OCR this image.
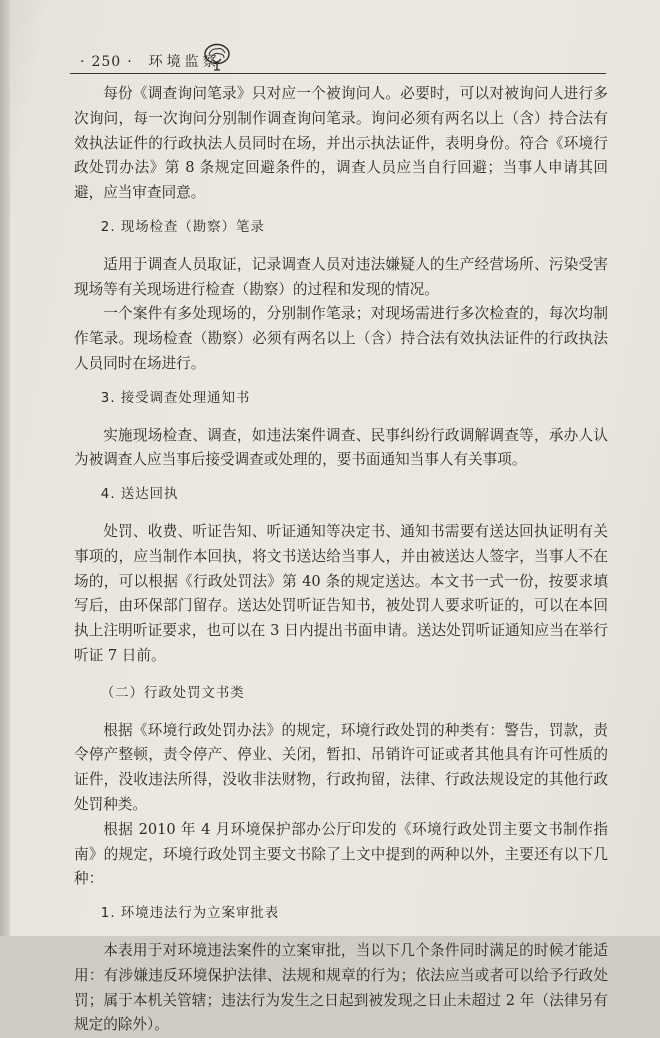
· 250 · 环境监察

每份《调查询问笔录》只对应一个被询问人。必要时，可以对被询问人进行多次询问，每一次询问分别制作调查询问笔录。询问必须有两名以上（含）持合法有效执法证件的行政执法人员同时在场，并出示执法证件，表明身份。符合《环境行政处罚办法》第 8 条规定回避条件的，调查人员应当自行回避；当事人申请其回避，应当审查同意。

2. 现场检查（勘察）笔录

适用于调查人员取证，记录调查人员对违法嫌疑人的生产经营场所、污染受害现场等有关现场进行检查（勘察）的过程和发现的情况。

一个案件有多处现场的，分别制作笔录；对现场需进行多次检查的，每次均制作笔录。现场检查（勘察）必须有两名以上（含）持合法有效执法证件的行政执法人员同时在场进行。

3. 接受调查处理通知书

实施现场检查、调查，如违法案件调查、民事纠纷行政调解调查等，承办人认为被调查人应当事后接受调查或处理的，要书面通知当事人有关事项。

4. 送达回执

处罚、收费、听证告知、听证通知等决定书、通知书需要有送达回执证明有关事项的，应当制作本回执，将文书送达给当事人，并由被送达人签字，当事人不在场的，可以根据《行政处罚法》第 40 条的规定送达。本文书一式一份，按要求填写后，由环保部门留存。送达处罚听证告知书，被处罚人要求听证的，可以在本回执上注明听证要求，也可以在 3 日内提出书面申请。送达处罚听证通知应当在举行听证 7 日前。

（二）行政处罚文书类

根据《环境行政处罚办法》的规定，环境行政处罚的种类有：警告，罚款，责令停产整顿，责令停产、停业、关闭，暂扣、吊销许可证或者其他具有许可性质的证件，没收违法所得，没收非法财物，行政拘留，法律、行政法规设定的其他行政处罚种类。

根据 2010 年 4 月环境保护部办公厅印发的《环境行政处罚主要文书制作指南》的规定，环境行政处罚主要文书除了上文中提到的两种以外，主要还有以下几种：

1. 环境违法行为立案审批表

本表用于对环境违法案件的立案审批，当以下几个条件同时满足的时候才能适用：有涉嫌违反环境保护法律、法规和规章的行为；依法应当或者可以给予行政处罚；属于本机关管辖；违法行为发生之日起到被发现之日止未超过 2 年（法律另有规定的除外）。
